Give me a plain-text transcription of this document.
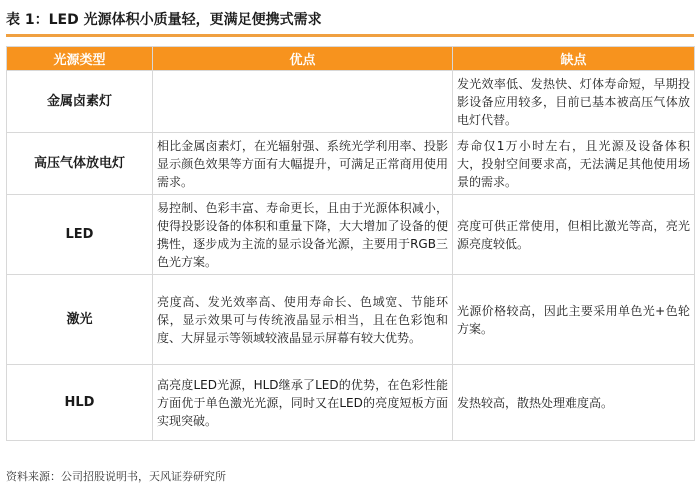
表 1：LED 光源体积小质量轻，更满足便携式需求
光源类型	优点	缺点
金属卤素灯		发光效率低、发热快、灯体寿命短，早期投影设备应用较多，目前已基本被高压气体放电灯代替。
高压气体放电灯	相比金属卤素灯，在光辐射强、系统光学利用率、投影显示颜色效果等方面有大幅提升，可满足正常商用使用需求。	寿命仅1万小时左右，且光源及设备体积大，投射空间要求高，无法满足其他使用场景的需求。
LED	易控制、色彩丰富、寿命更长，且由于光源体积减小，使得投影设备的体积和重量下降，大大增加了设备的便携性，逐步成为主流的显示设备光源，主要用于RGB三色光方案。	亮度可供正常使用，但相比激光等高，亮光源亮度较低。
激光	亮度高、发光效率高、使用寿命长、色域宽、节能环保，显示效果可与传统液晶显示相当，且在色彩饱和度、大屏显示等领域较液晶显示屏幕有较大优势。	光源价格较高，因此主要采用单色光+色轮方案。
HLD	高亮度LED光源，HLD继承了LED的优势，在色彩性能方面优于单色激光光源，同时又在LED的亮度短板方面实现突破。	发热较高，散热处理难度高。
资料来源：公司招股说明书，天风证券研究所
